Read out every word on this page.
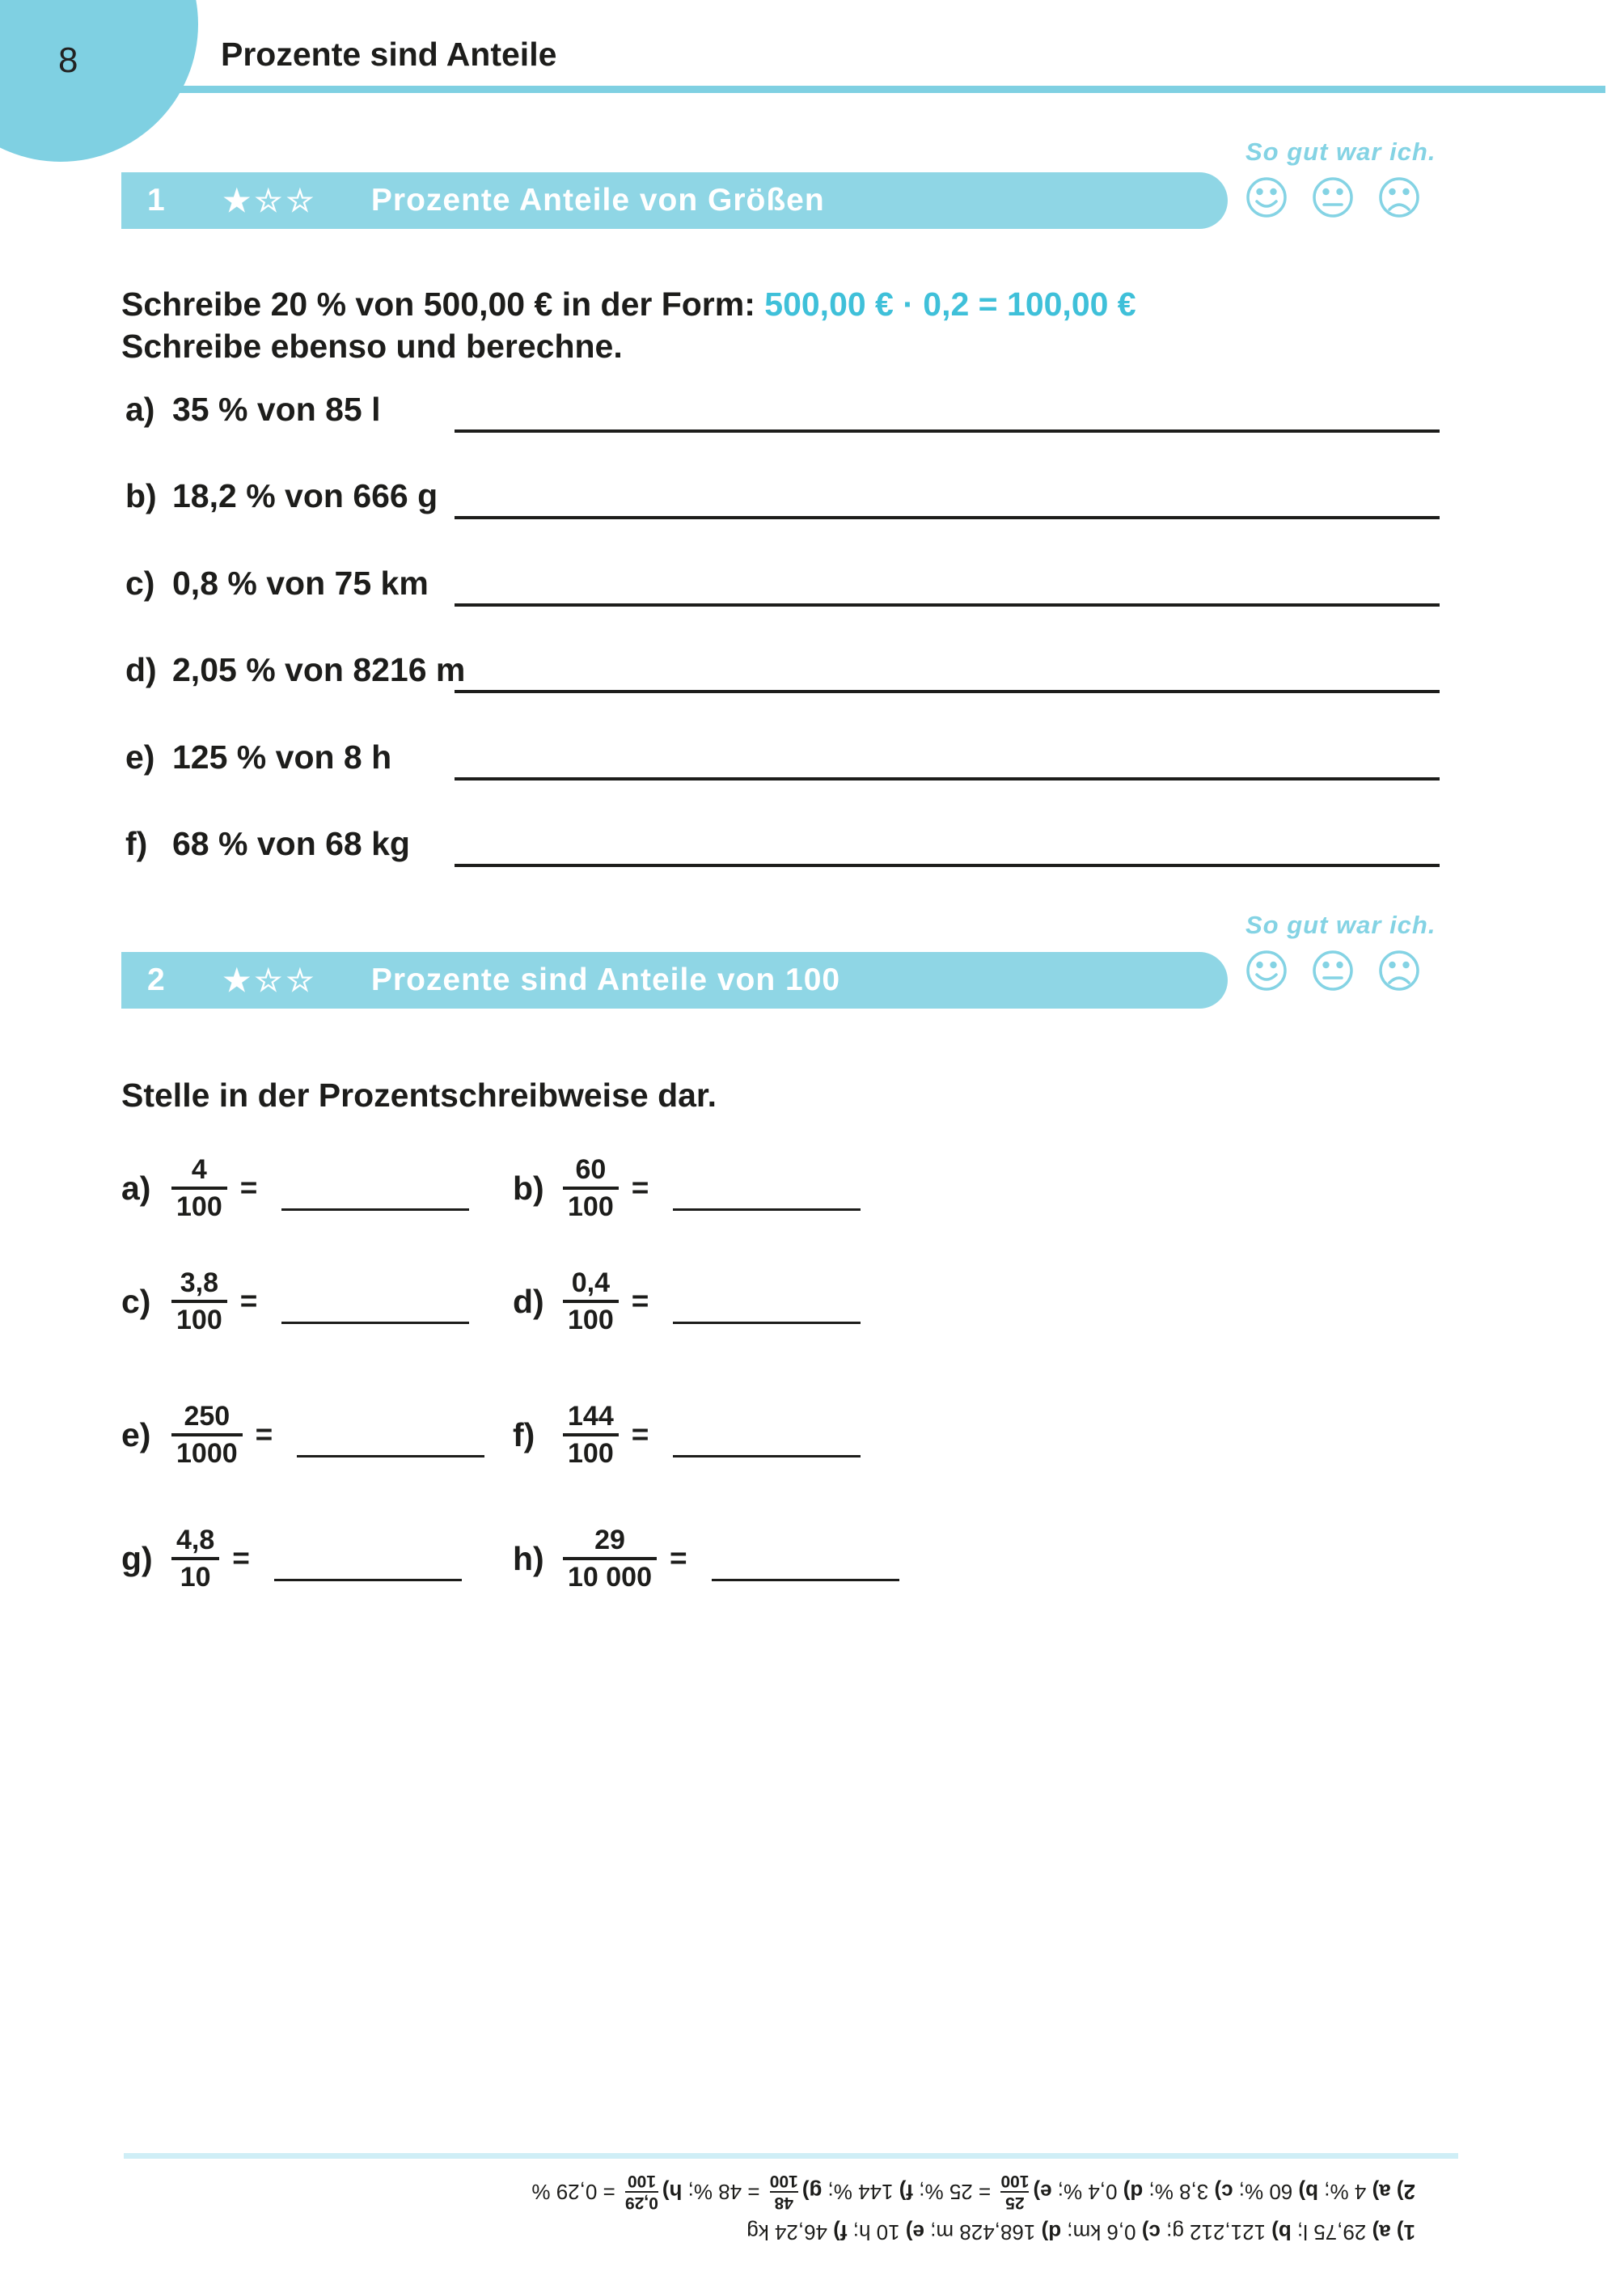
8	Prozente sind Anteile
So gut war ich.
1 ★☆☆ Prozente Anteile von Größen
Schreibe 20 % von 500,00 € in der Form: 500,00 € · 0,2 = 100,00 €
Schreibe ebenso und berechne.
a) 35 % von 85 l
b) 18,2 % von 666 g
c) 0,8 % von 75 km
d) 2,05 % von 8216 m
e) 125 % von 8 h
f) 68 % von 68 kg
So gut war ich.
2 ★☆☆ Prozente sind Anteile von 100
Stelle in der Prozentschreibweise dar.
$a) \frac{4}{100}$ =	$b) \frac{60}{100}$ =
$c) \frac{3,8}{100}$ =	$d) \frac{0,4}{100}$ =
$e) \frac{250}{1000}$ =	f)	$\frac{144}{100}$ =
$g) \frac{4,8}{10}$ =	$h) \frac{29}{10 000}$ =
1) a)
29,75 l;
b)
121,212 g;
c)
0,6 km;
d)
168,428 m;
e)
10 h;
f)
46,24 kg
2) a)
4 %;
b)
60 %;
c)
3,8 %;
d)
0,4 %;
e)
25
100
= 25 %;
f)
144 %;
g)
48
100
= 48 %;
h)
0,29
100
= 0,29 %
